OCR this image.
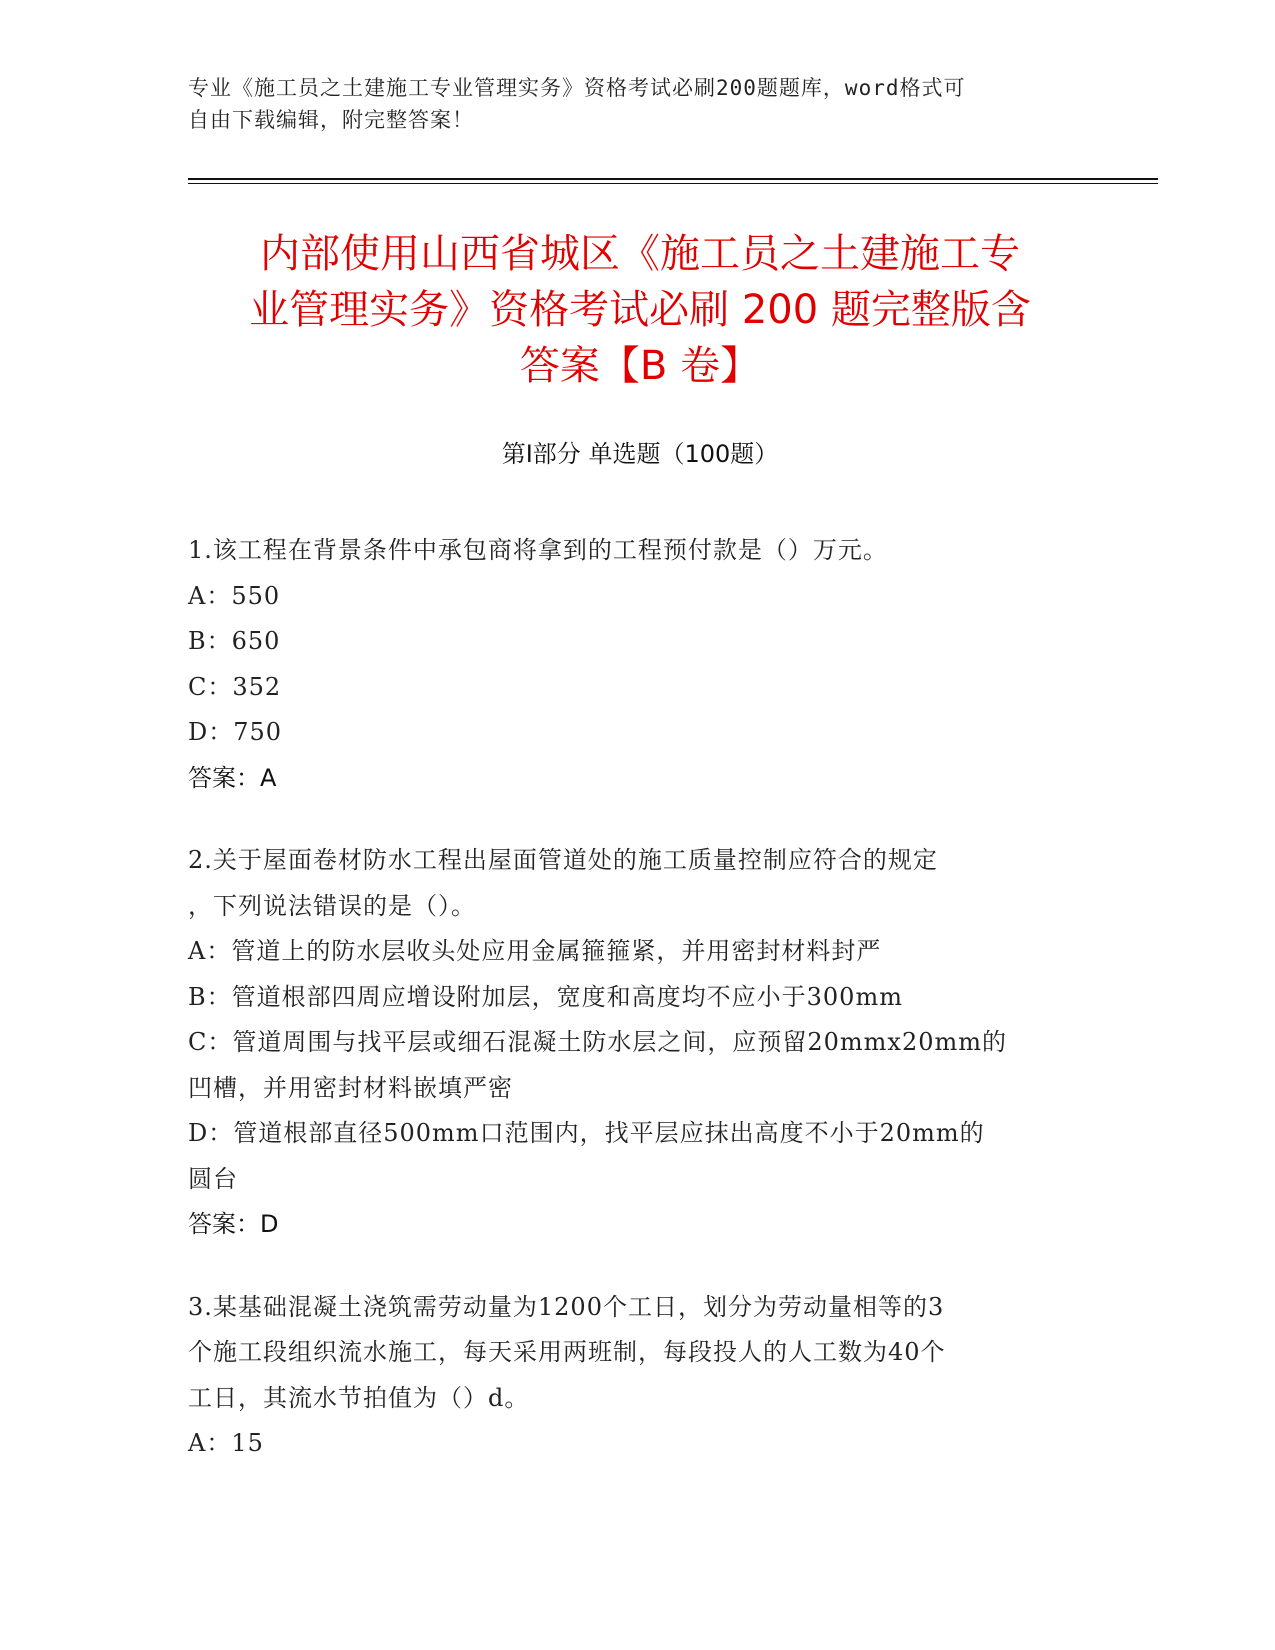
专业《施工员之土建施工专业管理实务》资格考试必刷200题题库，word格式可
自由下载编辑，附完整答案！
内部使用山西省城区《施工员之土建施工专
业管理实务》资格考试必刷 200 题完整版含
答案【B 卷】
第Ⅰ部分 单选题（100题）
1.该工程在背景条件中承包商将拿到的工程预付款是（）万元。
A：550
B：650
C：352
D：750
答案：A
2.关于屋面卷材防水工程出屋面管道处的施工质量控制应符合的规定
，下列说法错误的是（）。
A：管道上的防水层收头处应用金属箍箍紧，并用密封材料封严
B：管道根部四周应增设附加层，宽度和高度均不应小于300mm
C：管道周围与找平层或细石混凝土防水层之间，应预留20mmx20mm的
凹槽，并用密封材料嵌填严密
D：管道根部直径500mm口范围内，找平层应抹出高度不小于20mm的
圆台
答案：D
3.某基础混凝土浇筑需劳动量为1200个工日，划分为劳动量相等的3
个施工段组织流水施工，每天采用两班制，每段投人的人工数为40个
工日，其流水节拍值为（）d。
A：15
